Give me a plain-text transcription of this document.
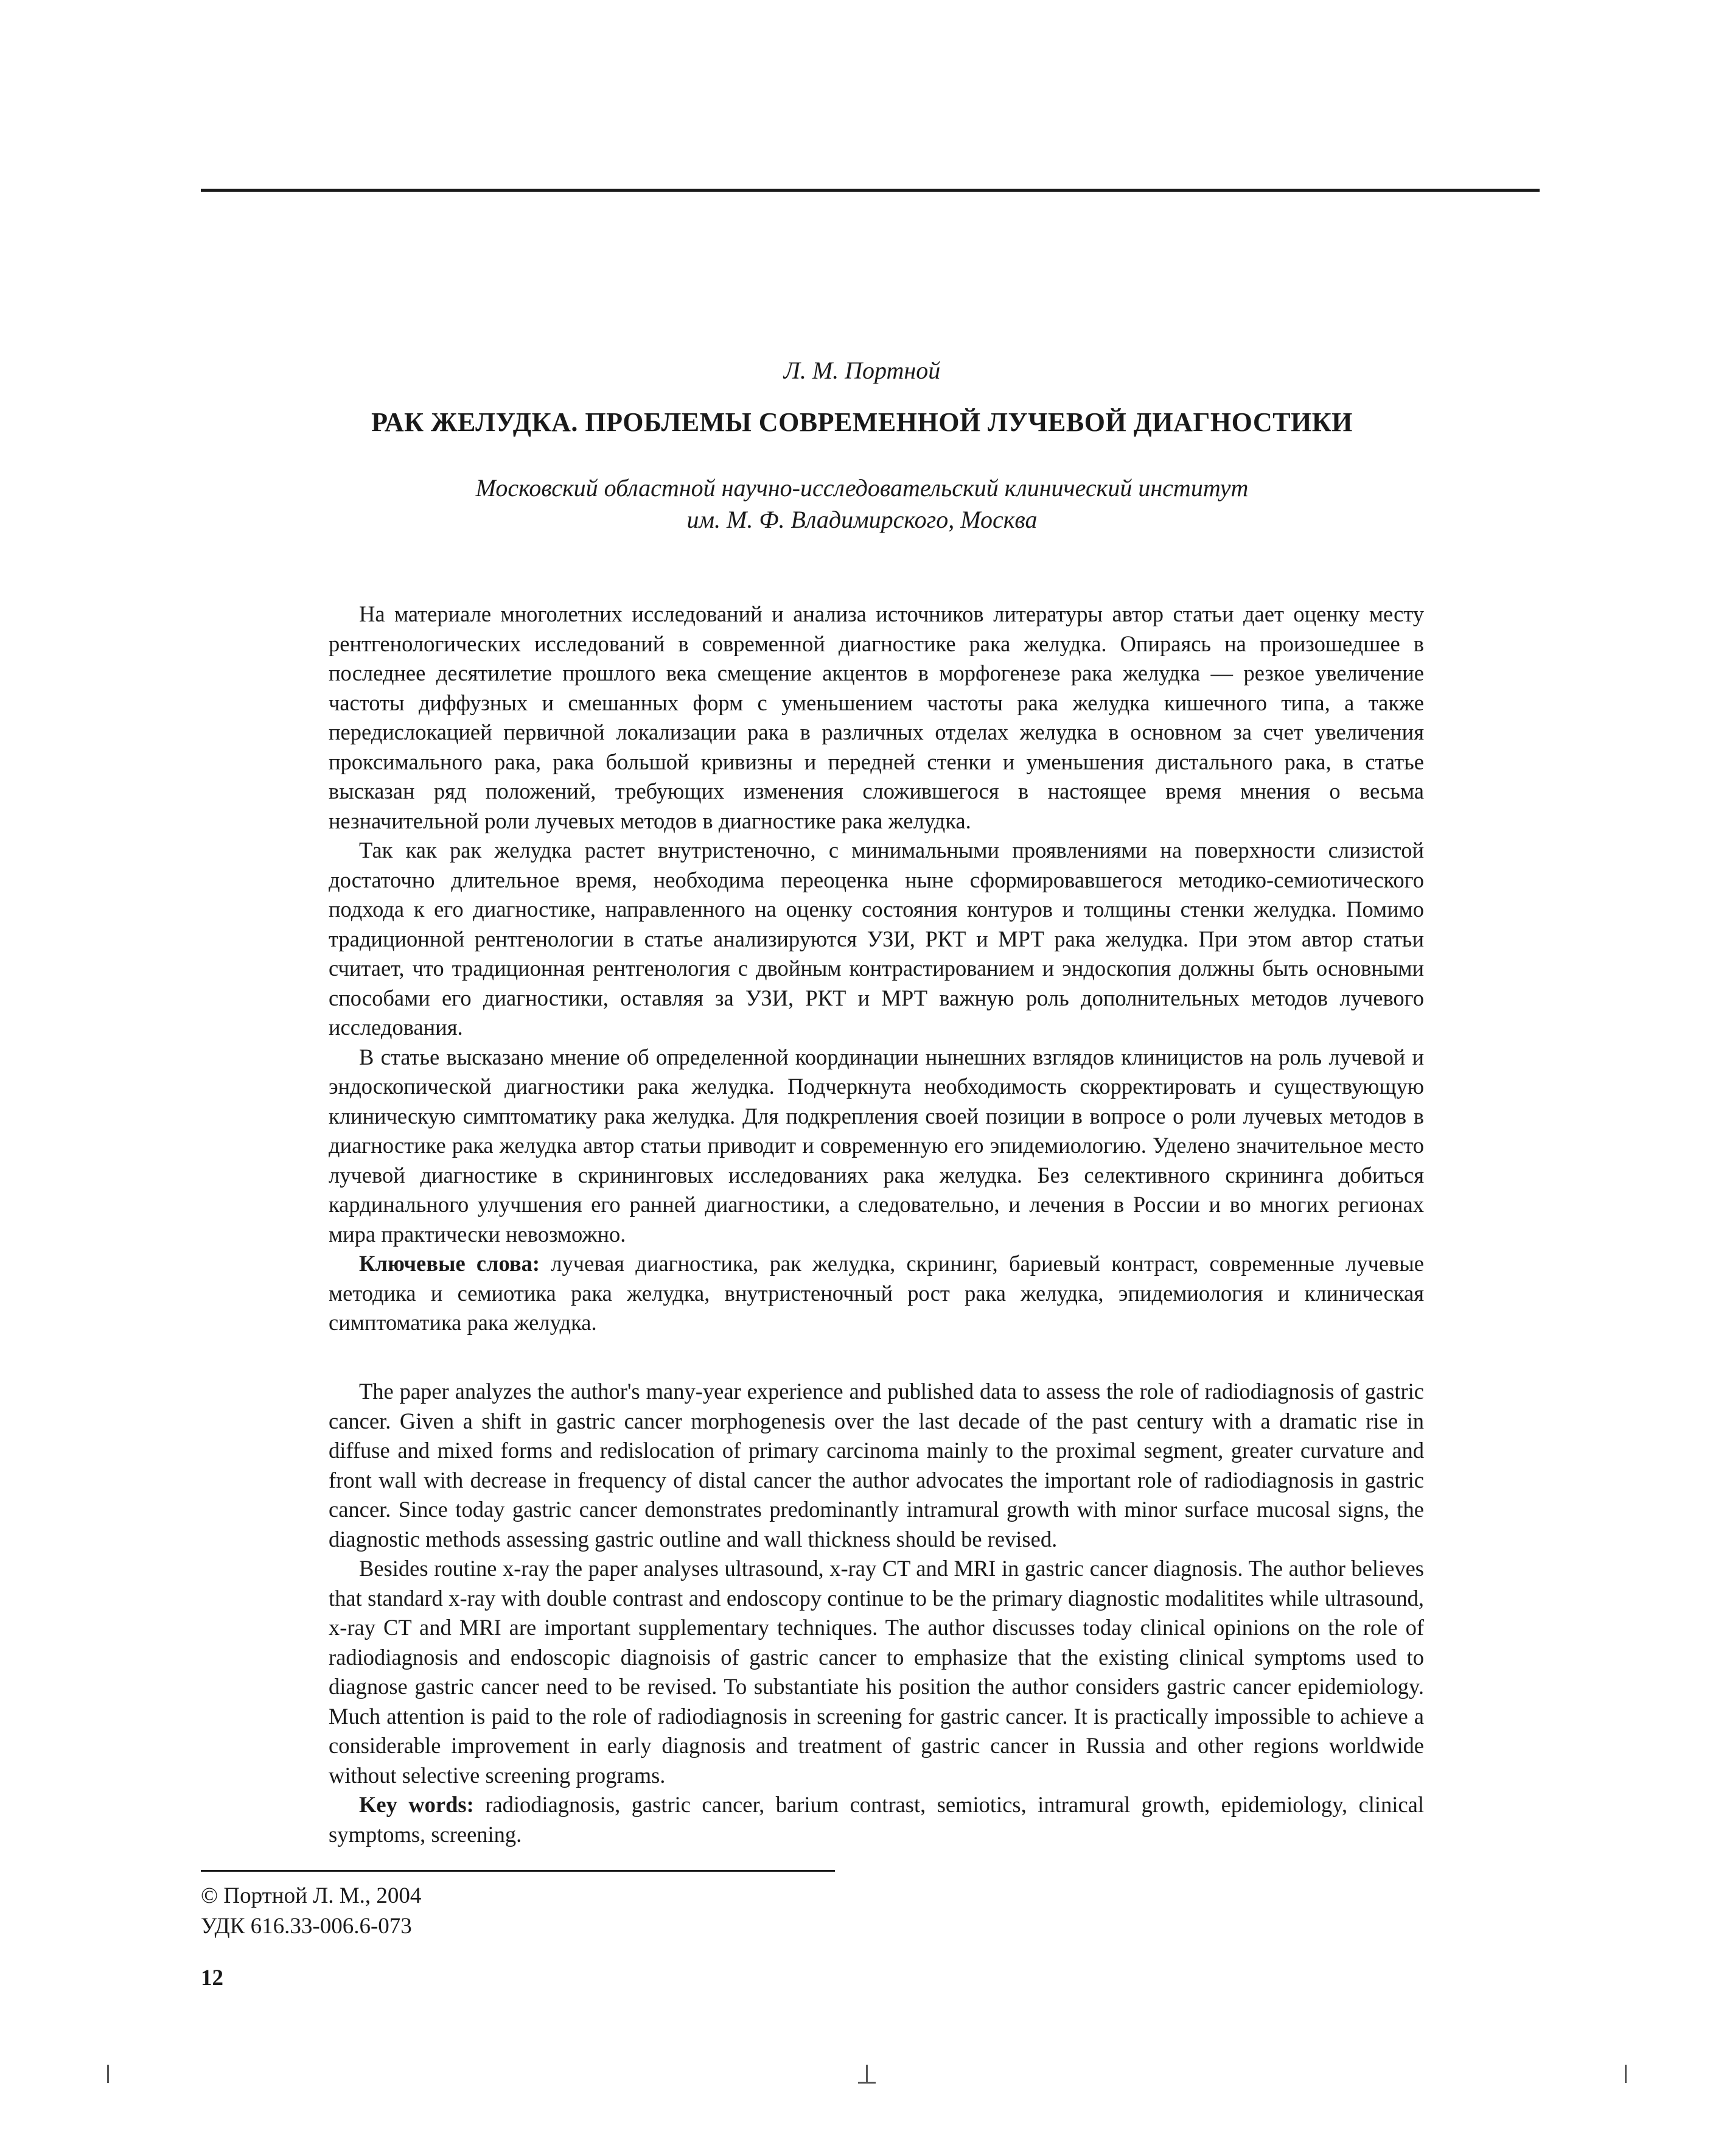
Л. М. Портной
РАК ЖЕЛУДКА. ПРОБЛЕМЫ СОВРЕМЕННОЙ ЛУЧЕВОЙ ДИАГНОСТИКИ
Московский областной научно-исследовательский клинический институт
им. М. Ф. Владимирского, Москва

На материале многолетних исследований и анализа источников литературы автор статьи дает оценку месту рентгенологических исследований в современной диагностике рака желудка. Опираясь на произошедшее в последнее десятилетие прошлого века смещение акцентов в морфогенезе рака желудка — резкое увеличение частоты диффузных и смешанных форм с уменьшением частоты рака желудка кишечного типа, а также передислокацией первичной локализации рака в различных отделах желудка в основном за счет увеличения проксимального рака, рака большой кривизны и передней стенки и уменьшения дистального рака, в статье высказан ряд положений, требующих изменения сложившегося в настоящее время мнения о весьма незначительной роли лучевых методов в диагностике рака желудка.

Так как рак желудка растет внутристеночно, с минимальными проявлениями на поверхности слизистой достаточно длительное время, необходима переоценка ныне сформировавшегося методико-семиотического подхода к его диагностике, направленного на оценку состояния контуров и толщины стенки желудка. Помимо традиционной рентгенологии в статье анализируются УЗИ, РКТ и МРТ рака желудка. При этом автор статьи считает, что традиционная рентгенология с двойным контрастированием и эндоскопия должны быть основными способами его диагностики, оставляя за УЗИ, РКТ и МРТ важную роль дополнительных методов лучевого исследования.

В статье высказано мнение об определенной координации нынешних взглядов клиницистов на роль лучевой и эндоскопической диагностики рака желудка. Подчеркнута необходимость скорректировать и существующую клиническую симптоматику рака желудка. Для подкрепления своей позиции в вопросе о роли лучевых методов в диагностике рака желудка автор статьи приводит и современную его эпидемиологию. Уделено значительное место лучевой диагностике в скрининговых исследованиях рака желудка. Без селективного скрининга добиться кардинального улучшения его ранней диагностики, а следовательно, и лечения в России и во многих регионах мира практически невозможно.

Ключевые слова: лучевая диагностика, рак желудка, скрининг, бариевый контраст, современные лучевые методика и семиотика рака желудка, внутристеночный рост рака желудка, эпидемиология и клиническая симптоматика рака желудка.

The paper analyzes the author's many-year experience and published data to assess the role of radiodiagnosis of gastric cancer. Given a shift in gastric cancer morphogenesis over the last decade of the past century with a dramatic rise in diffuse and mixed forms and redislocation of primary carcinoma mainly to the proximal segment, greater curvature and front wall with decrease in frequency of distal cancer the author advocates the important role of radiodiagnosis in gastric cancer. Since today gastric cancer demonstrates predominantly intramural growth with minor surface mucosal signs, the diagnostic methods assessing gastric outline and wall thickness should be revised.

Besides routine x-ray the paper analyses ultrasound, x-ray CT and MRI in gastric cancer diagnosis. The author believes that standard x-ray with double contrast and endoscopy continue to be the primary diagnostic modalitites while ultrasound, x-ray CT and MRI are important supplementary techniques. The author discusses today clinical opinions on the role of radiodiagnosis and endoscopic diagnoisis of gastric cancer to emphasize that the existing clinical symptoms used to diagnose gastric cancer need to be revised. To substantiate his position the author considers gastric cancer epidemiology. Much attention is paid to the role of radiodiagnosis in screening for gastric cancer. It is practically impossible to achieve a considerable improvement in early diagnosis and treatment of gastric cancer in Russia and other regions worldwide without selective screening programs.

Key words: radiodiagnosis, gastric cancer, barium contrast, semiotics, intramural growth, epidemiology, clinical symptoms, screening.

© Портной Л. М., 2004
УДК 616.33-006.6-073
12
